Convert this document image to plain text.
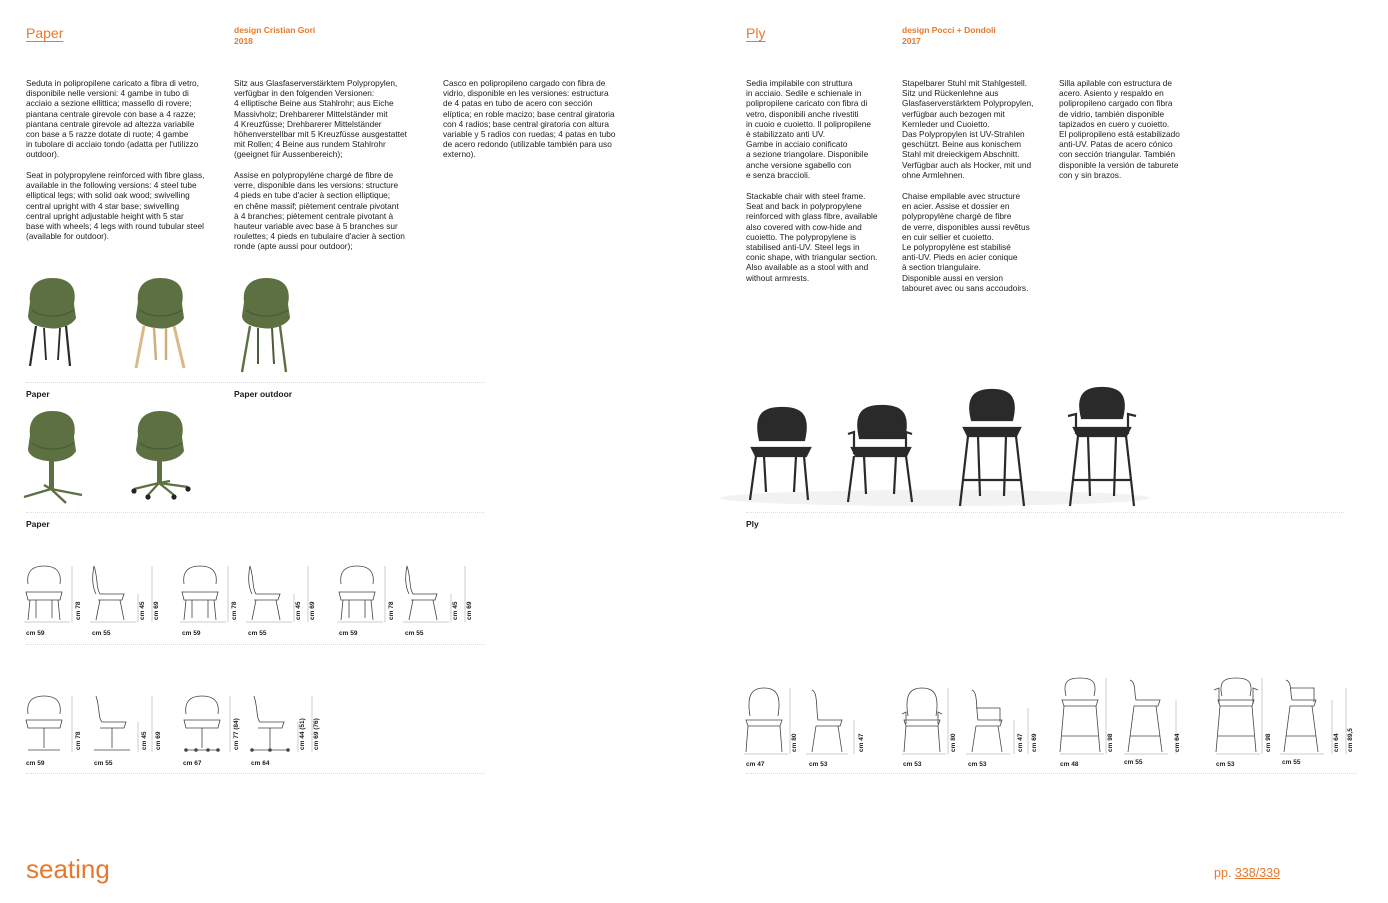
Paper	design Cristian Gori
2018
Seduta in polipropilene caricato a fibra di vetro,
disponibile nelle versioni: 4 gambe in tubo di
acciaio a sezione ellittica; massello di rovere;
piantana centrale girevole con base a 4 razze;
piantana centrale girevole ad altezza variabile
con base a 5 razze dotate di ruote; 4 gambe
in tubolare di acciaio tondo (adatta per l'utilizzo
outdoor).
Seat in polypropylene reinforced with fibre glass,
available in the following versions: 4 steel tube
elliptical legs; with solid oak wood; swivelling
central upright with 4 star base; swivelling
central upright adjustable height with 5 star
base with wheels; 4 legs with round tubular steel
(available for outdoor).
Sitz aus Glasfaserverstärktem Polypropylen,
verfügbar in den folgenden Versionen:
4 elliptische Beine aus Stahlrohr; aus Eiche
Massivholz; Drehbarerer Mittelständer mit
4 Kreuzfüsse; Drehbarerer Mittelständer
höhenverstellbar mit 5 Kreuzfüsse ausgestattet
mit Rollen; 4 Beine aus rundem Stahlrohr
(geeignet für Aussenbereich);
Assise en polypropylène chargé de fibre de
verre, disponible dans les versions: structure
4 pieds en tube d'acier à section elliptique;
en chêne massif; piètement centrale pivotant
à 4 branches; piètement centrale pivotant à
hauteur variable avec base à 5 branches sur
roulettes; 4 pieds en tubulaire d'acier à section
ronde (apte aussi pour outdoor);
Casco en polipropileno cargado con fibra de
vidrio, disponible en les versiones: estructura
de 4 patas en tubo de acero con sección
elíptica; en roble macizo; base central giratoria
con 4 radios; base central giratoria con altura
variable y 5 radios con ruedas; 4 patas en tubo
de acero redondo (utilizable también para uso
externo).
Paper	Paper outdoor
Paper
cm 59	cm 55	cm 59	cm 55	cm 59	cm 55
cm 78	cm 45 cm 69	cm 78	cm 45 cm 69	cm 78	cm 45 cm 69
cm 59	cm 55	cm 67	cm 64
cm 78	cm 45 cm 69	cm 77 (84)	cm 44 (51) cm 69 (76)
Ply	design Pocci + Dondoli
2017
Sedia impilabile con struttura
in acciaio. Sedile e schienale in
polipropilene caricato con fibra di
vetro, disponibili anche rivestiti
in cuoio e cuoietto. Il polipropilene
è stabilizzato anti UV.
Gambe in acciaio conificato
a sezione triangolare. Disponibile
anche versione sgabello con
e senza braccioli.
Stackable chair with steel frame.
Seat and back in polypropylene
reinforced with glass fibre, available
also covered with cow-hide and
cuoietto. The polypropylene is
stabilised anti-UV. Steel legs in
conic shape, with triangular section.
Also available as a stool with and
without armrests.
Stapelbarer Stuhl mit Stahlgestell.
Sitz und Rückenlehne aus
Glasfaserverstärktem Polypropylen,
verfügbar auch bezogen mit
Kernleder und Cuoietto.
Das Polypropylen ist UV-Strahlen
geschützt. Beine aus konischem
Stahl mit dreieckigem Abschnitt.
Verfügbar auch als Hocker, mit und
ohne Armlehnen.
Chaise empilable avec structure
en acier. Assise et dossier en
polypropylène chargé de fibre
de verre, disponibles aussi revêtus
en cuir sellier et cuoietto.
Le polypropylène est stabilisé
anti-UV. Pieds en acier conique
à section triangulaire.
Disponible aussi en version
tabouret avec ou sans accoudoirs.
Silla apilable con estructura de
acero. Asiento y respaldo en
polipropileno cargado con fibra
de vidrio, también disponible
tapizados en cuero y cuoietto.
El polipropileno está estabilizado
anti-UV. Patas de acero cónico
con sección triangular. También
disponible la versión de taburete
con y sin brazos.
Ply
cm 47	cm 53	cm 53	cm 53	cm 48	cm 55	cm 53	cm 55
cm 80	cm 47	cm 80	cm 47 cm 69	cm 98	cm 64	cm 98	cm 64 cm 89,5
seating	pp. 338/339
